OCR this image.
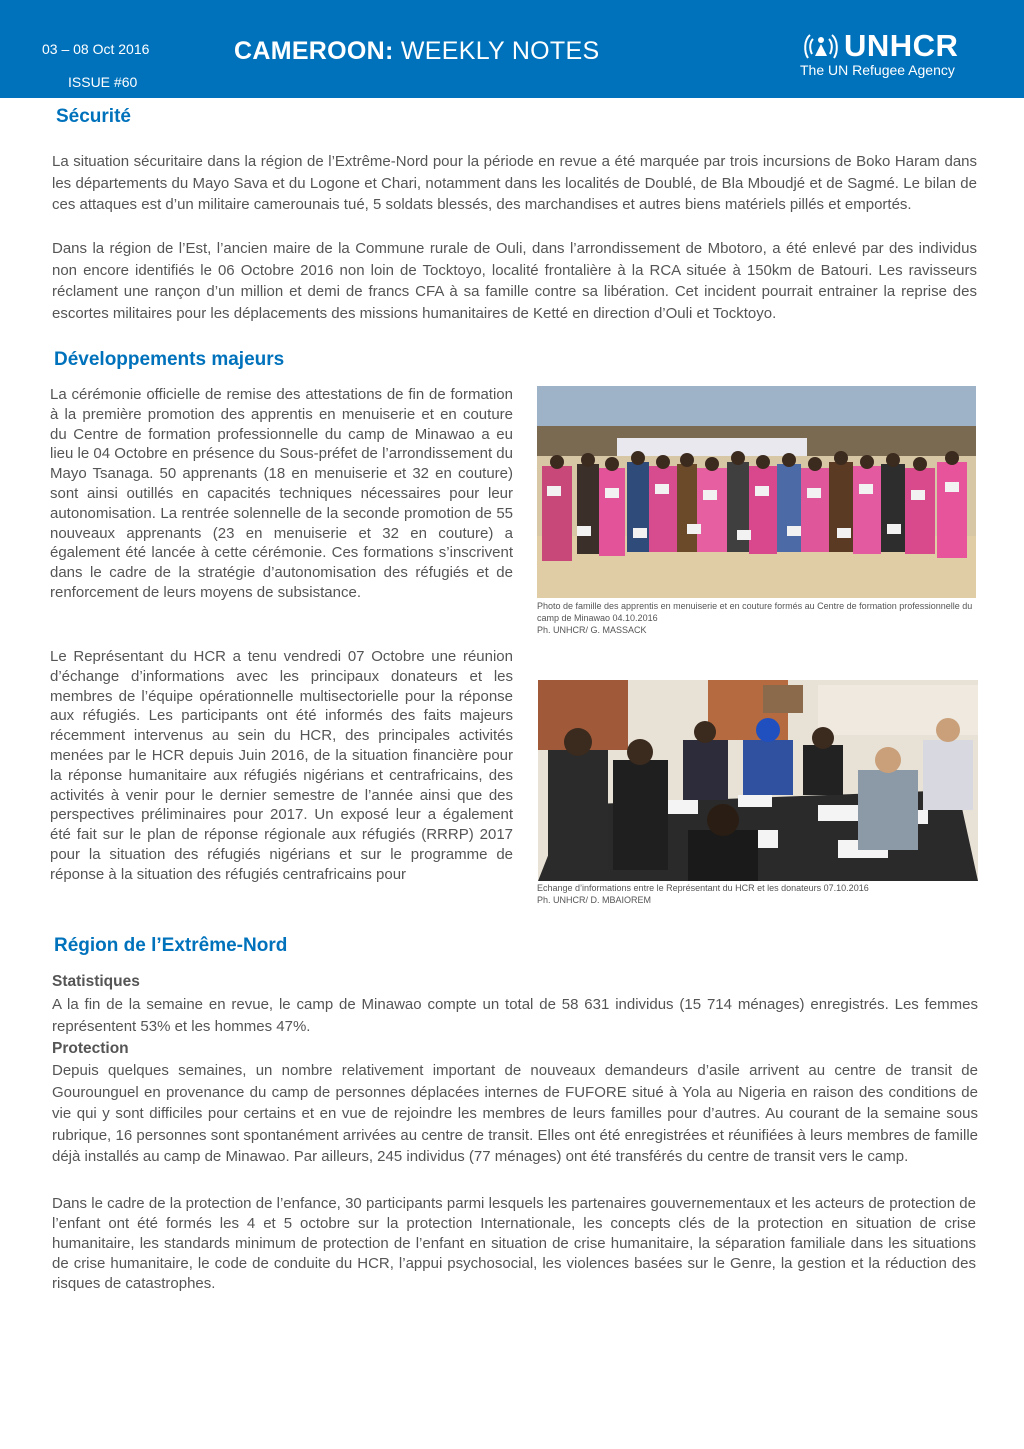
03 – 08 Oct 2016
ISSUE #60
CAMEROON: WEEKLY NOTES	UNHCR
The UN Refugee Agency
Sécurité

La situation sécuritaire dans la région de l’Extrême-Nord pour la période en revue a été marquée par trois incursions de Boko Haram dans les départements du Mayo Sava et du Logone et Chari, notamment dans les localités de Doublé, de Bla Mboudjé et de Sagmé. Le bilan de ces attaques est d’un militaire camerounais tué, 5 soldats blessés, des marchandises et autres biens matériels pillés et emportés.

Dans la région de l’Est, l’ancien maire de la Commune rurale de Ouli, dans l’arrondissement de Mbotoro, a été enlevé par des individus non encore identifiés le 06 Octobre 2016 non loin de Tocktoyo, localité frontalière à la RCA située à 150km de Batouri. Les ravisseurs réclament une rançon d’un million et demi de francs CFA à sa famille contre sa libération. Cet incident pourrait entrainer la reprise des escortes militaires pour les déplacements des missions humanitaires de Ketté en direction d’Ouli et Tocktoyo.

Développements majeurs

La cérémonie officielle de remise des attestations de fin de formation à la première promotion des apprentis en menuiserie et en couture du Centre de formation professionnelle du camp de Minawao a eu lieu le 04 Octobre en présence du Sous-préfet de l’arrondissement du Mayo Tsanaga. 50 apprenants (18 en menuiserie et 32 en couture) sont ainsi outillés en capacités techniques nécessaires pour leur autonomisation. La rentrée solennelle de la seconde promotion de 55 nouveaux apprenants (23 en menuiserie et 32 en couture) a également été lancée à cette cérémonie. Ces formations s’inscrivent dans le cadre de la stratégie d’autonomisation des réfugiés et de renforcement de leurs moyens de subsistance.

Le Représentant du HCR a tenu vendredi 07 Octobre une réunion d’échange d’informations avec les principaux donateurs et les membres de l’équipe opérationnelle multisectorielle pour la réponse aux réfugiés. Les participants ont été informés des faits majeurs récemment intervenus au sein du HCR, des principales activités menées par le HCR depuis Juin 2016, de la situation financière pour la réponse humanitaire aux réfugiés nigérians et centrafricains, des activités à venir pour le dernier semestre de l’année ainsi que des perspectives préliminaires pour 2017. Un exposé leur a également été fait sur le plan de réponse régionale aux réfugiés (RRRP) 2017 pour la situation des réfugiés nigérians et sur le programme de réponse à la situation des réfugiés centrafricains pour

Photo de famille des apprentis en menuiserie et en couture formés au Centre de formation professionnelle du camp de Minawao 04.10.2016
Ph. UNHCR/ G. MASSACK
Echange d’informations entre le Représentant du HCR et les donateurs 07.10.2016
Ph. UNHCR/ D. MBAIOREM
Région de l’Extrême-Nord
Statistiques

A la fin de la semaine en revue, le camp de Minawao compte un total de 58 631 individus (15 714 ménages) enregistrés. Les femmes représentent 53% et les hommes 47%.

Protection

Depuis quelques semaines, un nombre relativement important de nouveaux demandeurs d’asile arrivent au centre de transit de Gourounguel en provenance du camp de personnes déplacées internes de FUFORE situé à Yola au Nigeria en raison des conditions de vie qui y sont difficiles pour certains et en vue de rejoindre les membres de leurs familles pour d’autres. Au courant de la semaine sous rubrique, 16 personnes sont spontanément arrivées au centre de transit. Elles ont été enregistrées et réunifiées à leurs membres de famille déjà installés au camp de Minawao. Par ailleurs, 245 individus (77 ménages) ont été transférés du centre de transit vers le camp.

Dans le cadre de la protection de l’enfance, 30 participants parmi lesquels les partenaires gouvernementaux et les acteurs de protection de l’enfant ont été formés les 4 et 5 octobre sur la protection Internationale, les concepts clés de la protection en situation de crise humanitaire, les standards minimum de protection de l’enfant en situation de crise humanitaire, la séparation familiale dans les situations de crise humanitaire, le code de conduite du HCR, l’appui psychosocial, les violences basées sur le Genre, la gestion et la réduction des risques de catastrophes.
